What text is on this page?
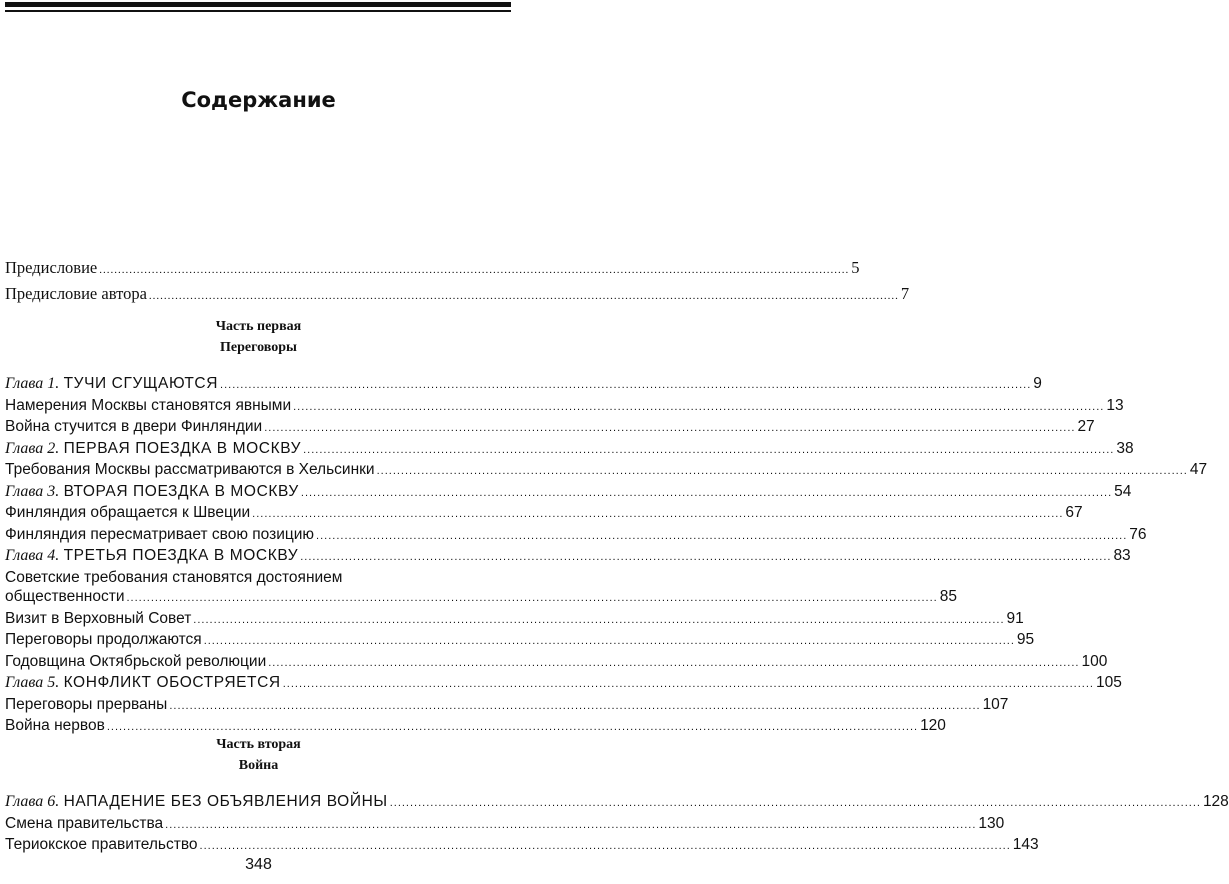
Содержание
Предисловие ........................................................................................................................................................................................................ 5
Предисловие автора ........................................................................................................................................................................................................ 7
Часть первая
Переговоры
Глава 1. ТУЧИ СГУЩАЮТСЯ ........................................................................................................................................................................................................ 9
Намерения Москвы становятся явными ........................................................................................................................................................................................................ 13
Война стучится в двери Финляндии ........................................................................................................................................................................................................ 27
Глава 2. ПЕРВАЯ ПОЕЗДКА В МОСКВУ ........................................................................................................................................................................................................ 38
Требования Москвы рассматриваются в Хельсинки ........................................................................................................................................................................................................ 47
Глава 3. ВТОРАЯ ПОЕЗДКА В МОСКВУ ........................................................................................................................................................................................................ 54
Финляндия обращается к Швеции ........................................................................................................................................................................................................ 67
Финляндия пересматривает свою позицию ........................................................................................................................................................................................................ 76
Глава 4. ТРЕТЬЯ ПОЕЗДКА В МОСКВУ ........................................................................................................................................................................................................ 83
Советские требования становятся достоянием
общественности ........................................................................................................................................................................................................ 85
Визит в Верховный Совет ........................................................................................................................................................................................................ 91
Переговоры продолжаются ........................................................................................................................................................................................................ 95
Годовщина Октябрьской революции ........................................................................................................................................................................................................ 100
Глава 5. КОНФЛИКТ ОБОСТРЯЕТСЯ ........................................................................................................................................................................................................ 105
Переговоры прерваны ........................................................................................................................................................................................................ 107
Война нервов ........................................................................................................................................................................................................ 120
Часть вторая
Война
Глава 6. НАПАДЕНИЕ БЕЗ ОБЪЯВЛЕНИЯ ВОЙНЫ ........................................................................................................................................................................................................ 128
Смена правительства ........................................................................................................................................................................................................ 130
Териокское правительство ........................................................................................................................................................................................................ 143
348
